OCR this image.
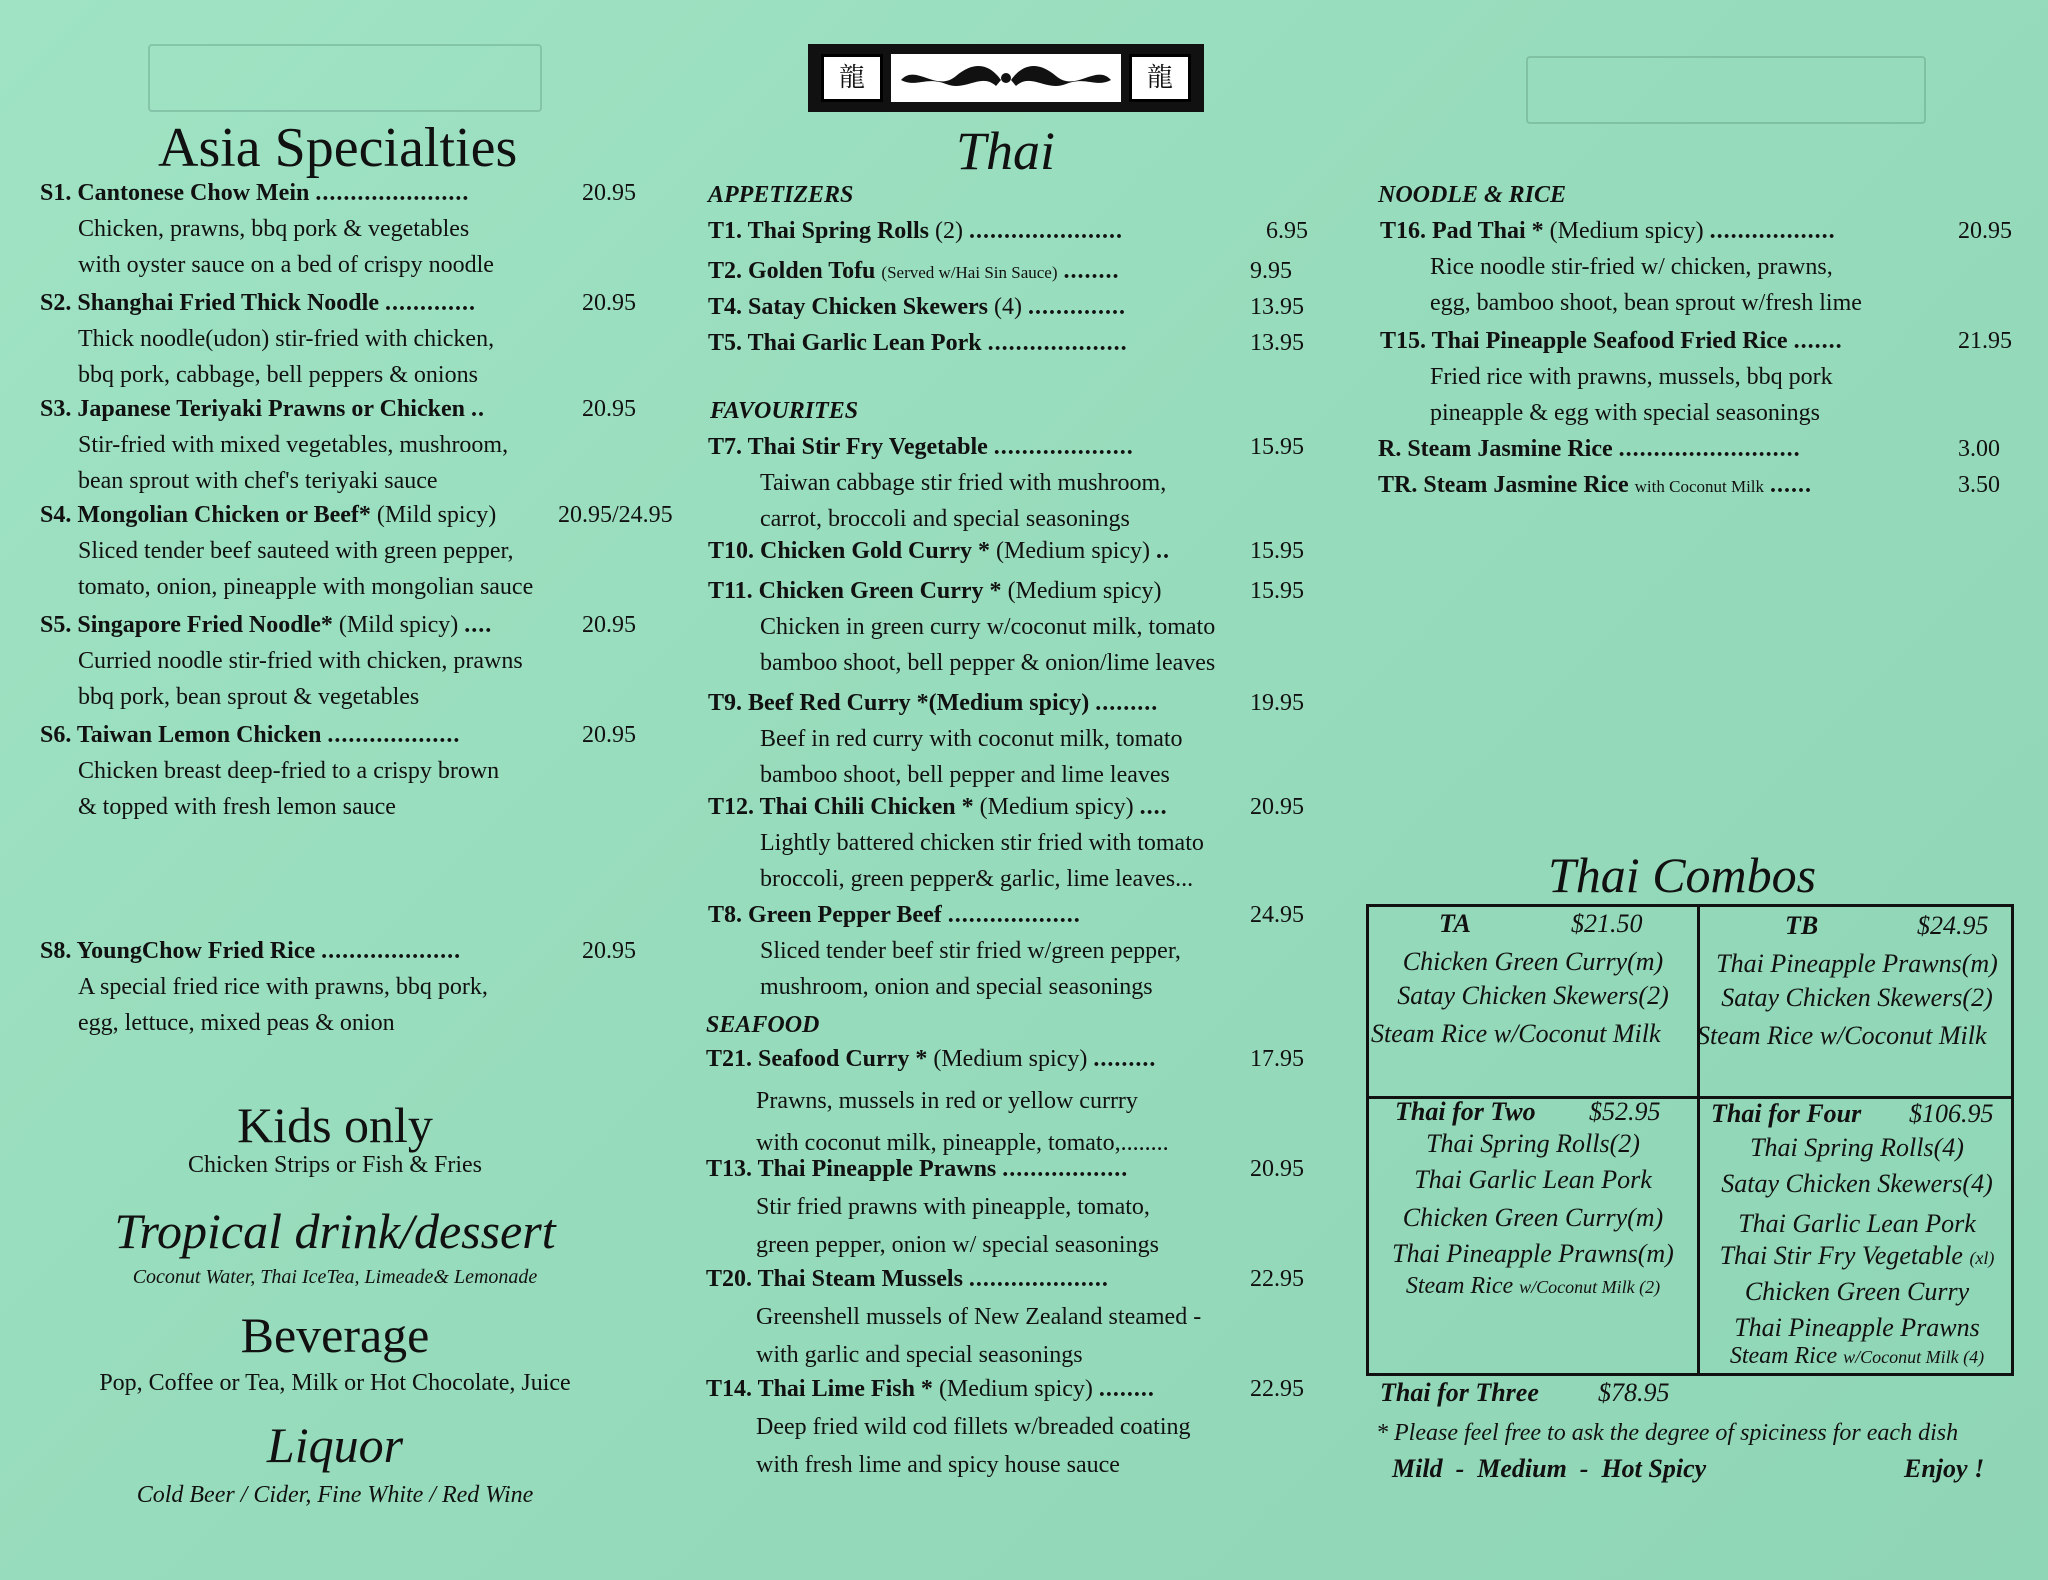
龍	龍
Asia Specialties
Kids only
Chicken Strips or Fish & Fries
Tropical drink/dessert
Coconut Water, Thai IceTea, Limeade& Lemonade
Beverage
Pop, Coffee or Tea, Milk or Hot Chocolate, Juice
Liquor
Cold Beer / Cider, Fine White / Red Wine
Thai
Thai Combos
TA	$21.50
Chicken Green Curry(m)
Satay Chicken Skewers(2)
Steam Rice w/Coconut Milk
TB	$24.95
Thai Pineapple Prawns(m)
Satay Chicken Skewers(2)
Steam Rice w/Coconut Milk
Thai for Two $52.95
Thai Spring Rolls(2)
Thai Garlic Lean Pork
Chicken Green Curry(m)
Thai Pineapple Prawns(m)
Steam Rice w/Coconut Milk (2)
Thai for Four $106.95
Thai Spring Rolls(4)
Satay Chicken Skewers(4)
Thai Garlic Lean Pork
Thai Stir Fry Vegetable (xl)
Chicken Green Curry
Thai Pineapple Prawns
Steam Rice w/Coconut Milk (4)
Thai for Three $78.95
* Please feel free to ask the degree of spiciness for each dish
Mild  -  Medium  -  Hot Spicy	Enjoy !
S1. Cantonese Chow Mein ......................	20.95
Chicken, prawns, bbq pork & vegetables
with oyster sauce on a bed of crispy noodle
S2. Shanghai Fried Thick Noodle .............	20.95
Thick noodle(udon) stir-fried with chicken,
bbq pork, cabbage, bell peppers & onions
S3. Japanese Teriyaki Prawns or Chicken ..	20.95
Stir-fried with mixed vegetables, mushroom,
bean sprout with chef's teriyaki sauce
S4. Mongolian Chicken or Beef* (Mild spicy)	20.95/24.95
Sliced tender beef sauteed with green pepper,
tomato, onion, pineapple with mongolian sauce
S5. Singapore Fried Noodle* (Mild spicy) ....	20.95
Curried noodle stir-fried with chicken, prawns
bbq pork, bean sprout & vegetables
S6. Taiwan Lemon Chicken ...................	20.95
Chicken breast deep-fried to a crispy brown
& topped with fresh lemon sauce
S8. YoungChow Fried Rice ....................	20.95
A special fried rice with prawns, bbq pork,
egg, lettuce, mixed peas & onion
APPETIZERS
T1. Thai Spring Rolls (2) ......................	6.95
T2. Golden Tofu (Served w/Hai Sin Sauce) ........	9.95
T4. Satay Chicken Skewers (4) ..............	13.95
T5. Thai Garlic Lean Pork ....................	13.95
FAVOURITES
T7. Thai Stir Fry Vegetable ....................	15.95
Taiwan cabbage stir fried with mushroom,
carrot, broccoli and special seasonings
T10. Chicken Gold Curry * (Medium spicy) ..	15.95
T11. Chicken Green Curry * (Medium spicy)	15.95
Chicken in green curry w/coconut milk, tomato
bamboo shoot, bell pepper & onion/lime leaves
T9. Beef Red Curry *(Medium spicy) .........	19.95
Beef in red curry with coconut milk, tomato
bamboo shoot, bell pepper and lime leaves
T12. Thai Chili Chicken * (Medium spicy) ....	20.95
Lightly battered chicken stir fried with tomato
broccoli, green pepper& garlic, lime leaves...
T8. Green Pepper Beef ...................	24.95
Sliced tender beef stir fried w/green pepper,
mushroom, onion and special seasonings
SEAFOOD
T21. Seafood Curry * (Medium spicy) .........	17.95
Prawns, mussels in red or yellow currry
with coconut milk, pineapple, tomato,........
T13. Thai Pineapple Prawns ..................	20.95
Stir fried prawns with pineapple, tomato,
green pepper, onion w/ special seasonings
T20. Thai Steam Mussels ....................	22.95
Greenshell mussels of New Zealand steamed -
with garlic and special seasonings
T14. Thai Lime Fish * (Medium spicy) ........	22.95
Deep fried wild cod fillets w/breaded coating
with fresh lime and spicy house sauce
NOODLE & RICE
T16. Pad Thai * (Medium spicy) ..................	20.95
Rice noodle stir-fried w/ chicken, prawns,
egg, bamboo shoot, bean sprout w/fresh lime
T15. Thai Pineapple Seafood Fried Rice .......	21.95
Fried rice with prawns, mussels, bbq pork
pineapple & egg with special seasonings
R. Steam Jasmine Rice ..........................	3.00
TR. Steam Jasmine Rice with Coconut Milk ......	3.50
